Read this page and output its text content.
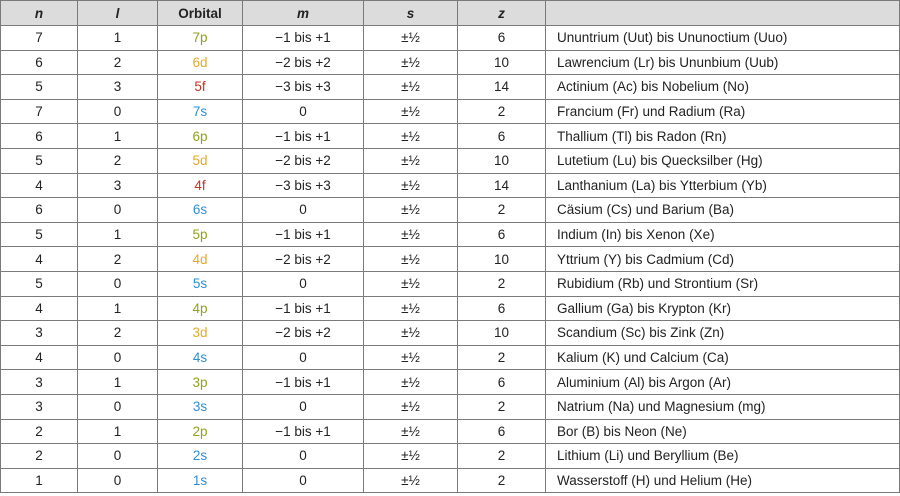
n	l	Orbital	m	s	z	
7	1	7p	−1 bis +1	±½	6	Ununtrium (Uut) bis Ununoctium (Uuo)
6	2	6d	−2 bis +2	±½	10	Lawrencium (Lr) bis Ununbium (Uub)
5	3	5f	−3 bis +3	±½	14	Actinium (Ac) bis Nobelium (No)
7	0	7s	0	±½	2	Francium (Fr) und Radium (Ra)
6	1	6p	−1 bis +1	±½	6	Thallium (Tl) bis Radon (Rn)
5	2	5d	−2 bis +2	±½	10	Lutetium (Lu) bis Quecksilber (Hg)
4	3	4f	−3 bis +3	±½	14	Lanthanium (La) bis Ytterbium (Yb)
6	0	6s	0	±½	2	Cäsium (Cs) und Barium (Ba)
5	1	5p	−1 bis +1	±½	6	Indium (In) bis Xenon (Xe)
4	2	4d	−2 bis +2	±½	10	Yttrium (Y) bis Cadmium (Cd)
5	0	5s	0	±½	2	Rubidium (Rb) und Strontium (Sr)
4	1	4p	−1 bis +1	±½	6	Gallium (Ga) bis Krypton (Kr)
3	2	3d	−2 bis +2	±½	10	Scandium (Sc) bis Zink (Zn)
4	0	4s	0	±½	2	Kalium (K) und Calcium (Ca)
3	1	3p	−1 bis +1	±½	6	Aluminium (Al) bis Argon (Ar)
3	0	3s	0	±½	2	Natrium (Na) und Magnesium (mg)
2	1	2p	−1 bis +1	±½	6	Bor (B) bis Neon (Ne)
2	0	2s	0	±½	2	Lithium (Li) und Beryllium (Be)
1	0	1s	0	±½	2	Wasserstoff (H) und Helium (He)
